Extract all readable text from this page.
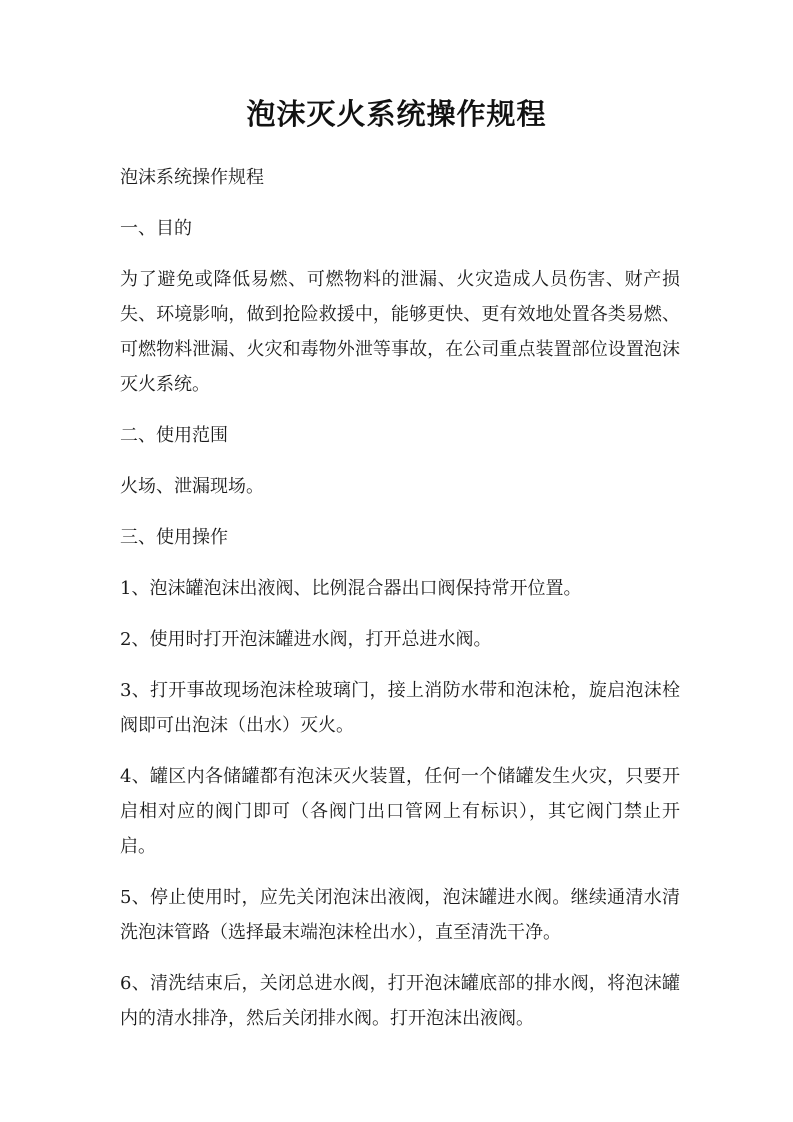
泡沫灭火系统操作规程

泡沫系统操作规程

一、目的

为了避免或降低易燃、可燃物料的泄漏、火灾造成人员伤害、财产损失、环境影响，做到抢险救援中，能够更快、更有效地处置各类易燃、可燃物料泄漏、火灾和毒物外泄等事故，在公司重点装置部位设置泡沫灭火系统。

二、使用范围

火场、泄漏现场。

三、使用操作

1、泡沫罐泡沫出液阀、比例混合器出口阀保持常开位置。

2、使用时打开泡沫罐进水阀，打开总进水阀。

3、打开事故现场泡沫栓玻璃门，接上消防水带和泡沫枪，旋启泡沫栓阀即可出泡沫（出水）灭火。

4、罐区内各储罐都有泡沫灭火装置，任何一个储罐发生火灾，只要开启相对应的阀门即可（各阀门出口管网上有标识），其它阀门禁止开启。

5、停止使用时，应先关闭泡沫出液阀，泡沫罐进水阀。继续通清水清洗泡沫管路（选择最末端泡沫栓出水），直至清洗干净。

6、清洗结束后，关闭总进水阀，打开泡沫罐底部的排水阀，将泡沫罐内的清水排净，然后关闭排水阀。打开泡沫出液阀。
